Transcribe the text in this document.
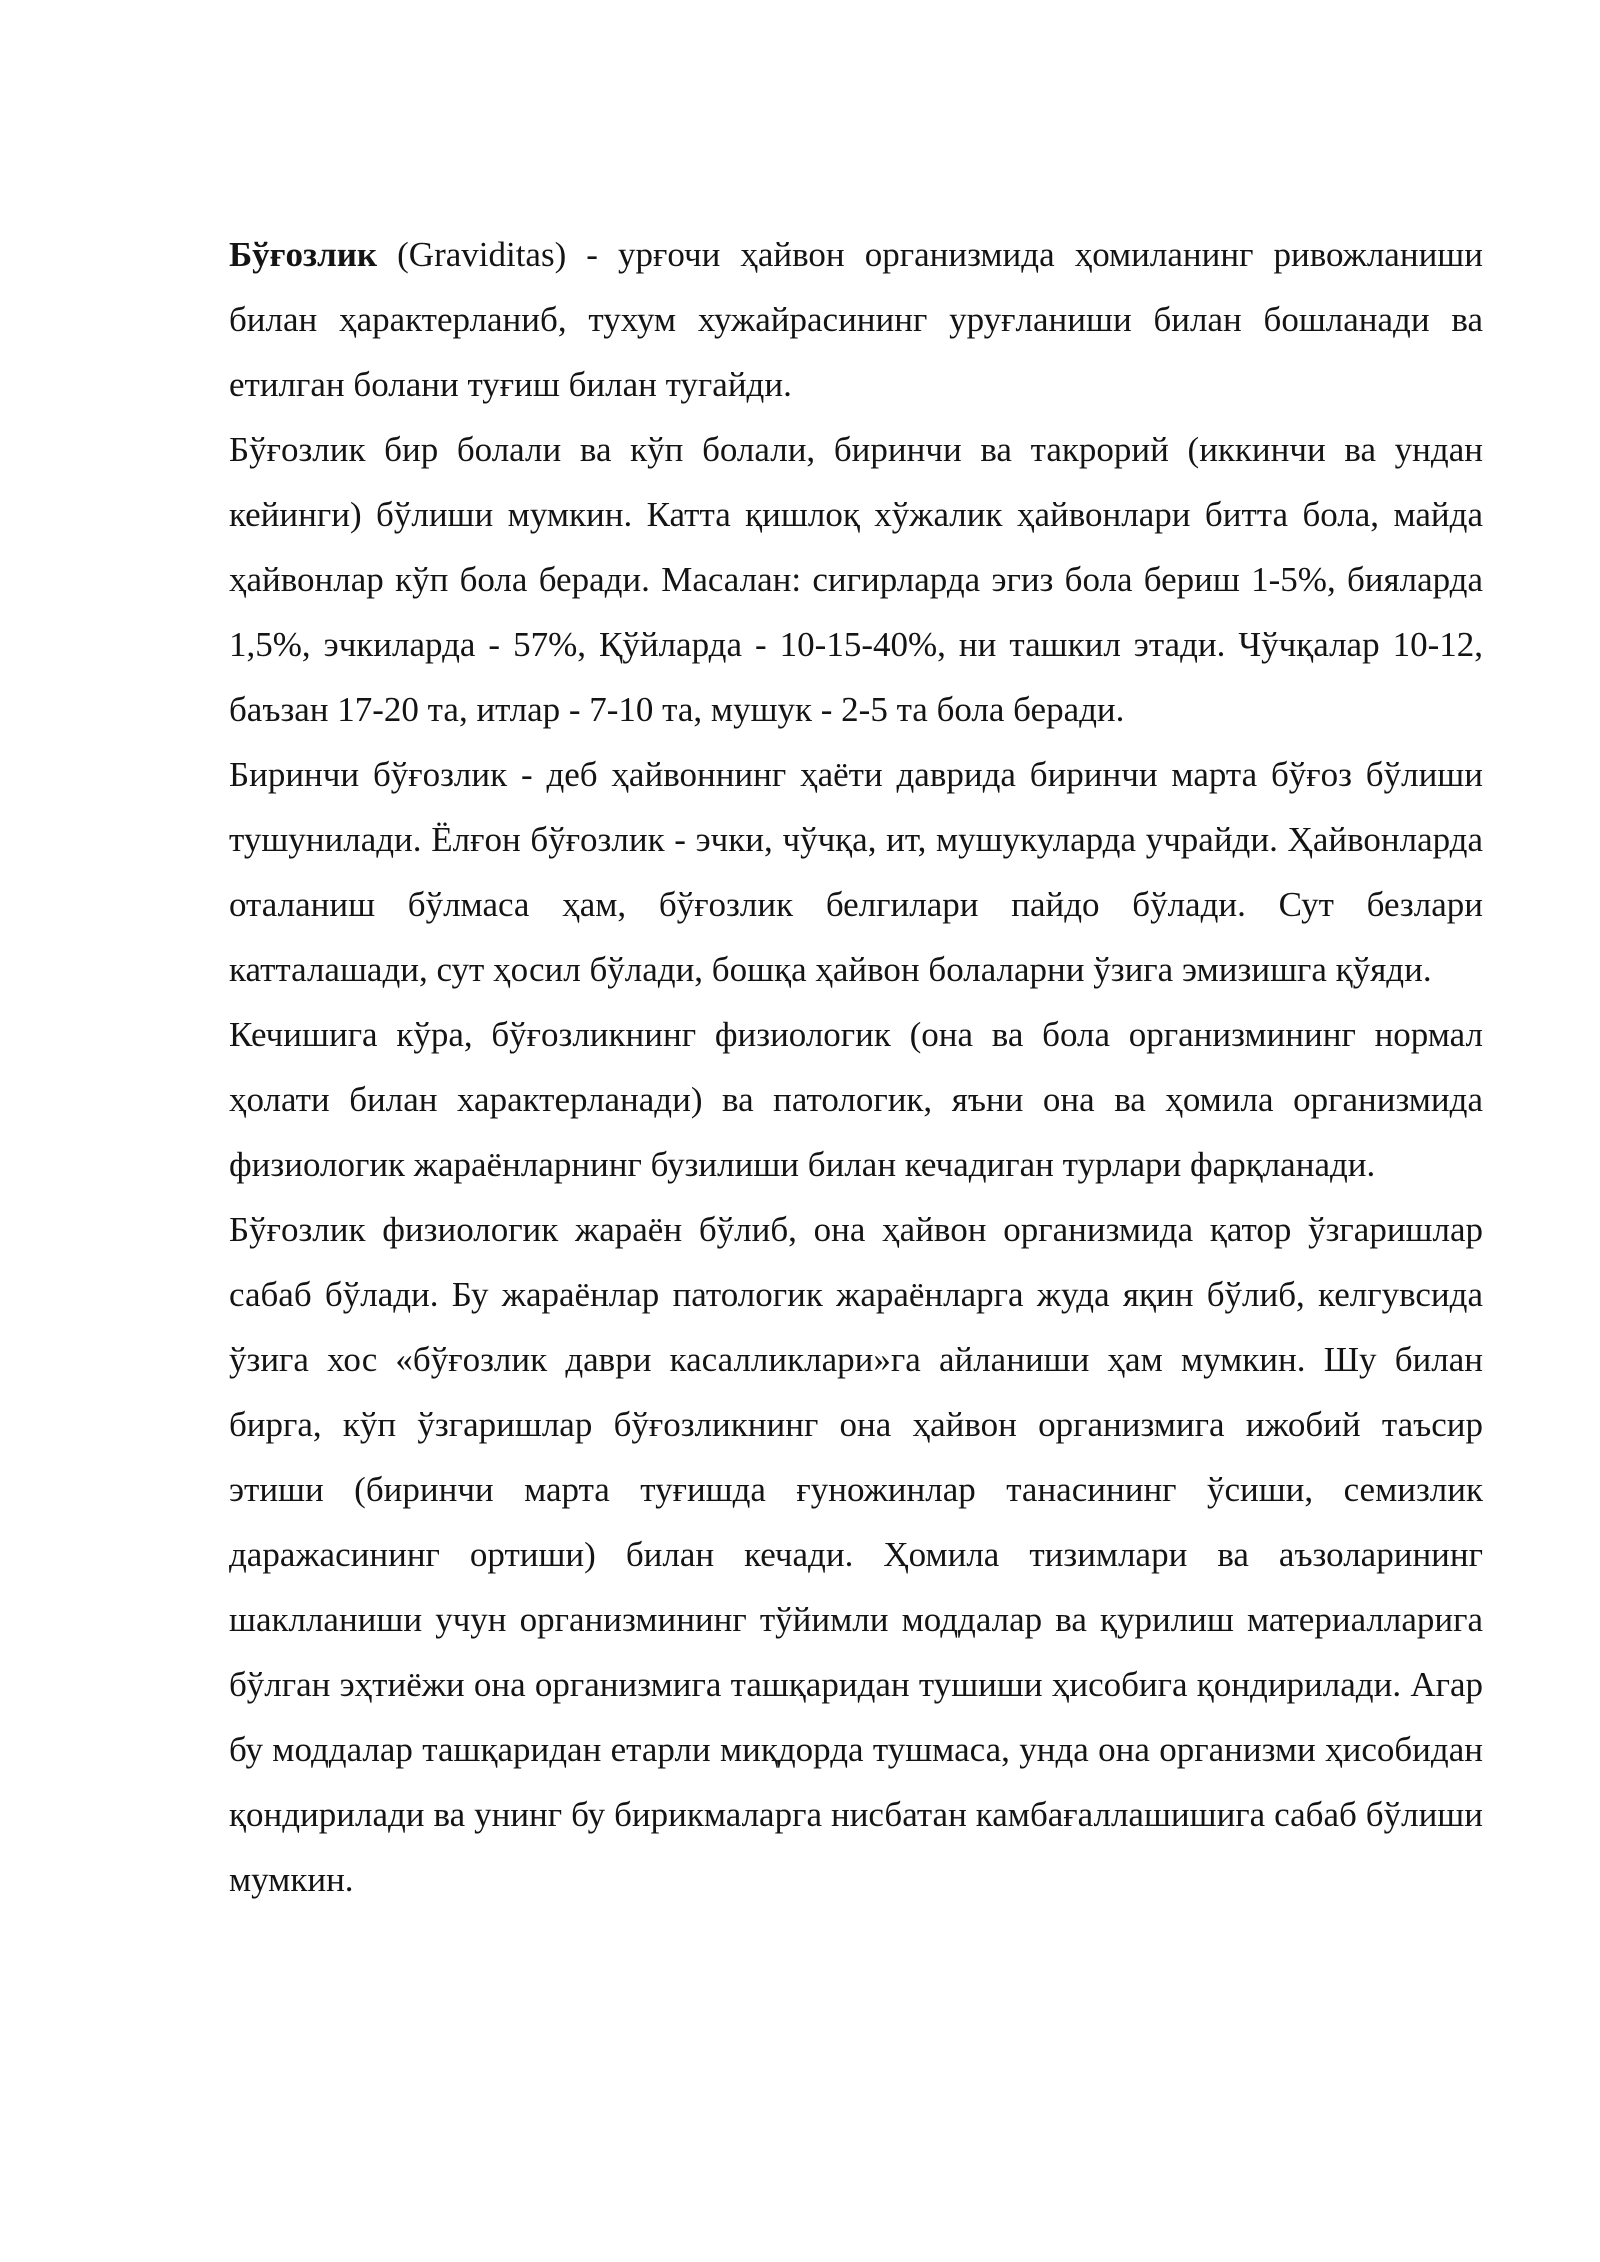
Бўғозлик (Graviditas) - урғочи ҳайвон организмида ҳомиланинг ривожланиши билан ҳарактерланиб, тухум хужайрасининг уруғланиши билан бошланади ва етилган болани туғиш билан тугайди.

Бўғозлик бир болали ва кўп болали, биринчи ва такрорий (иккинчи ва ундан кейинги) бўлиши мумкин. Катта қишлоқ хўжалик ҳайвонлари битта бола, майда ҳайвонлар кўп бола беради. Масалан: сигирларда эгиз бола бериш 1-5%, бияларда 1,5%, эчкиларда - 57%, Қўйларда - 10-15-40%, ни ташкил этади. Чўчқалар 10-12, баъзан 17-20 та, итлар - 7-10 та, мушук - 2-5 та бола беради.

Биринчи бўғозлик - деб ҳайвоннинг ҳаёти даврида биринчи марта бўғоз бўлиши тушунилади. Ёлғон бўғозлик - эчки, чўчқа, ит, мушукуларда учрайди. Ҳайвонларда оталаниш бўлмаса ҳам, бўғозлик белгилари пайдо бўлади. Сут безлари катталашади, сут ҳосил бўлади, бошқа ҳайвон болаларни ўзига эмизишга қўяди.

Кечишига кўра, бўғозликнинг физиологик (она ва бола организмининг нормал ҳолати билан характерланади) ва патологик, яъни она ва ҳомила организмида физиологик жараёнларнинг бузилиши билан кечадиган турлари фарқланади.

Бўғозлик физиологик жараён бўлиб, она ҳайвон организмида қатор ўзгаришлар сабаб бўлади. Бу жараёнлар патологик жараёнларга жуда яқин бўлиб, келгувсида ўзига хос «бўғозлик даври касалликлари»га айланиши ҳам мумкин. Шу билан бирга, кўп ўзгаришлар бўғозликнинг она ҳайвон организмига ижобий таъсир этиши (биринчи марта туғишда ғуножинлар танасининг ўсиши, семизлик даражасининг ортиши) билан кечади. Ҳомила тизимлари ва аъзоларининг шаклланиши учун организмининг тўйимли моддалар ва қурилиш материалларига бўлган эҳтиёжи она организмига ташқаридан тушиши ҳисобига қондирилади. Агар бу моддалар ташқаридан етарли миқдорда тушмаса, унда она организми ҳисобидан қондирилади ва унинг бу бирикмаларга нисбатан камбағаллашишига сабаб бўлиши мумкин.
